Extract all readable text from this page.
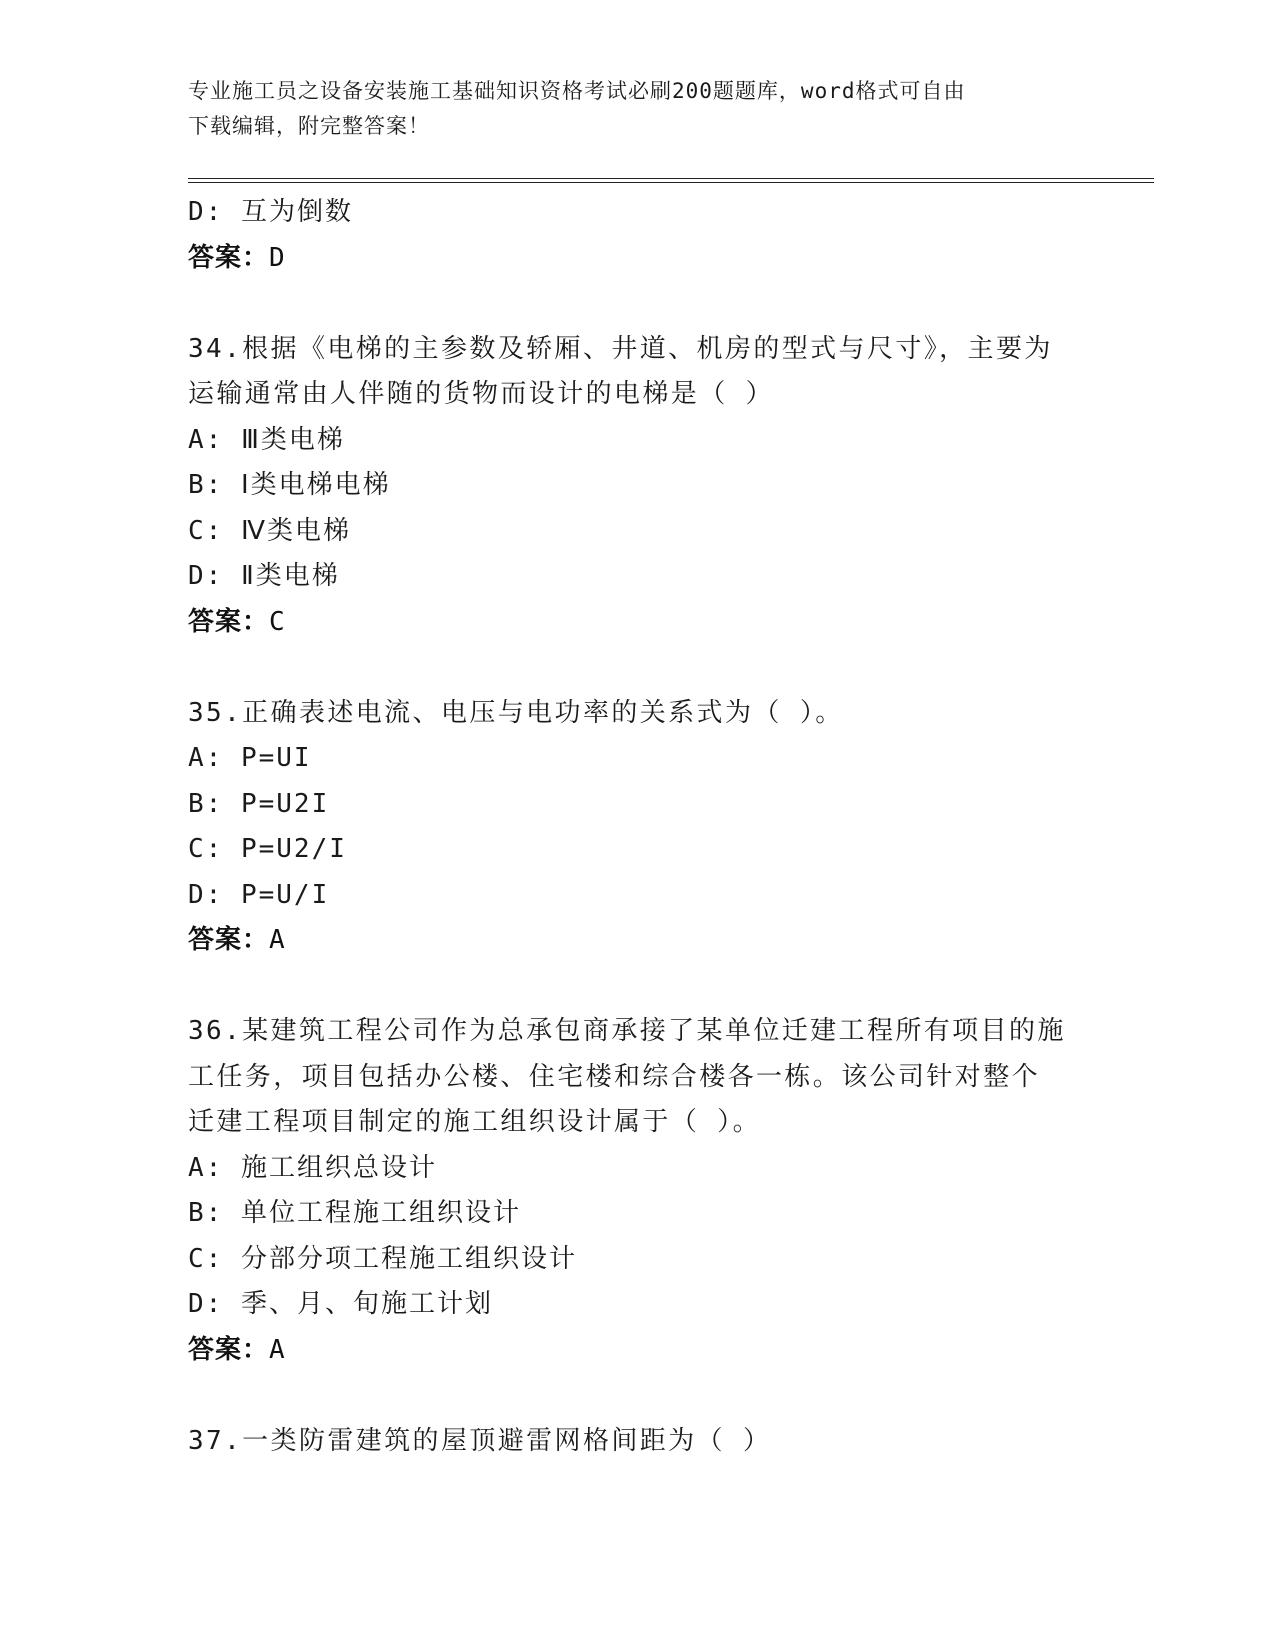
专业施工员之设备安装施工基础知识资格考试必刷200题题库，word格式可自由
下载编辑，附完整答案！
D: 互为倒数
答案：D
34.根据《电梯的主参数及轿厢、井道、机房的型式与尺寸》，主要为
运输通常由人伴随的货物而设计的电梯是（ ）
A: Ⅲ类电梯
B: Ⅰ类电梯电梯
C: Ⅳ类电梯
D: Ⅱ类电梯
答案：C
35.正确表述电流、电压与电功率的关系式为（ ）。
A: P=UI
B: P=U2I
C: P=U2/I
D: P=U/I
答案：A
36.某建筑工程公司作为总承包商承接了某单位迁建工程所有项目的施
工任务，项目包括办公楼、住宅楼和综合楼各一栋。该公司针对整个
迁建工程项目制定的施工组织设计属于（ ）。
A: 施工组织总设计
B: 单位工程施工组织设计
C: 分部分项工程施工组织设计
D: 季、月、旬施工计划
答案：A
37.一类防雷建筑的屋顶避雷网格间距为（ ）
